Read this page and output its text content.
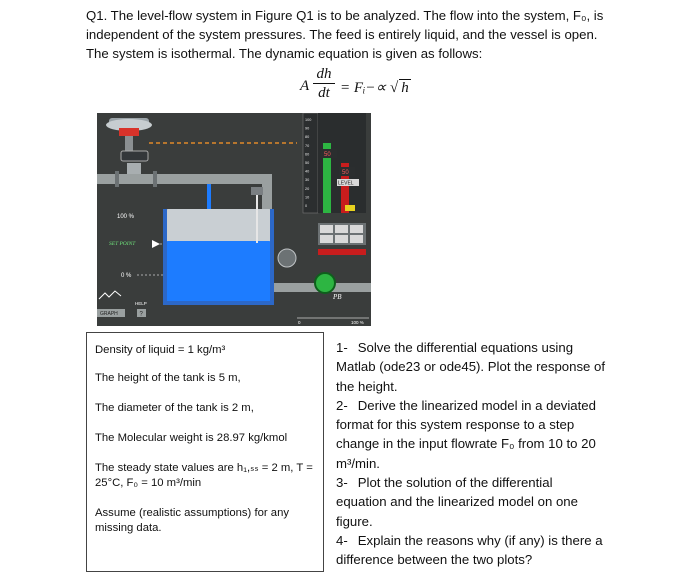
Q1. The level-flow system in Figure Q1 is to be analyzed. The flow into the system, F₀, is

independent of the system pressures. The feed is entirely liquid, and the vessel is open.

The system is isothermal. The dynamic equation is given as follows:

A
dh
dt = Fᵢ−∝ √ h
100 %
SET POINT
0 %
GRAPH
HELP
?
PB
100
90
80
70
60
50
40
30
20
10
0
50
50
LEVEL
0	100 %
Density of liquid = 1 kg/m³
The height of the tank is 5 m,
The diameter of the tank is 2 m,
The Molecular weight is 28.97 kg/kmol
The steady state values are h₁,ₛₛ = 2 m, T =
25°C, F₀ = 10 m³/min
Assume (realistic assumptions) for any
missing data.

1- Solve the differential equations using

Matlab (ode23 or ode45). Plot the response of

the height.

2- Derive the linearized model in a deviated

format for this system response to a step

change in the input flowrate F₀ from 10 to 20

m³/min.

3- Plot the solution of the differential

equation and the linearized model on one

figure.

4- Explain the reasons why (if any) is there a

difference between the two plots?
